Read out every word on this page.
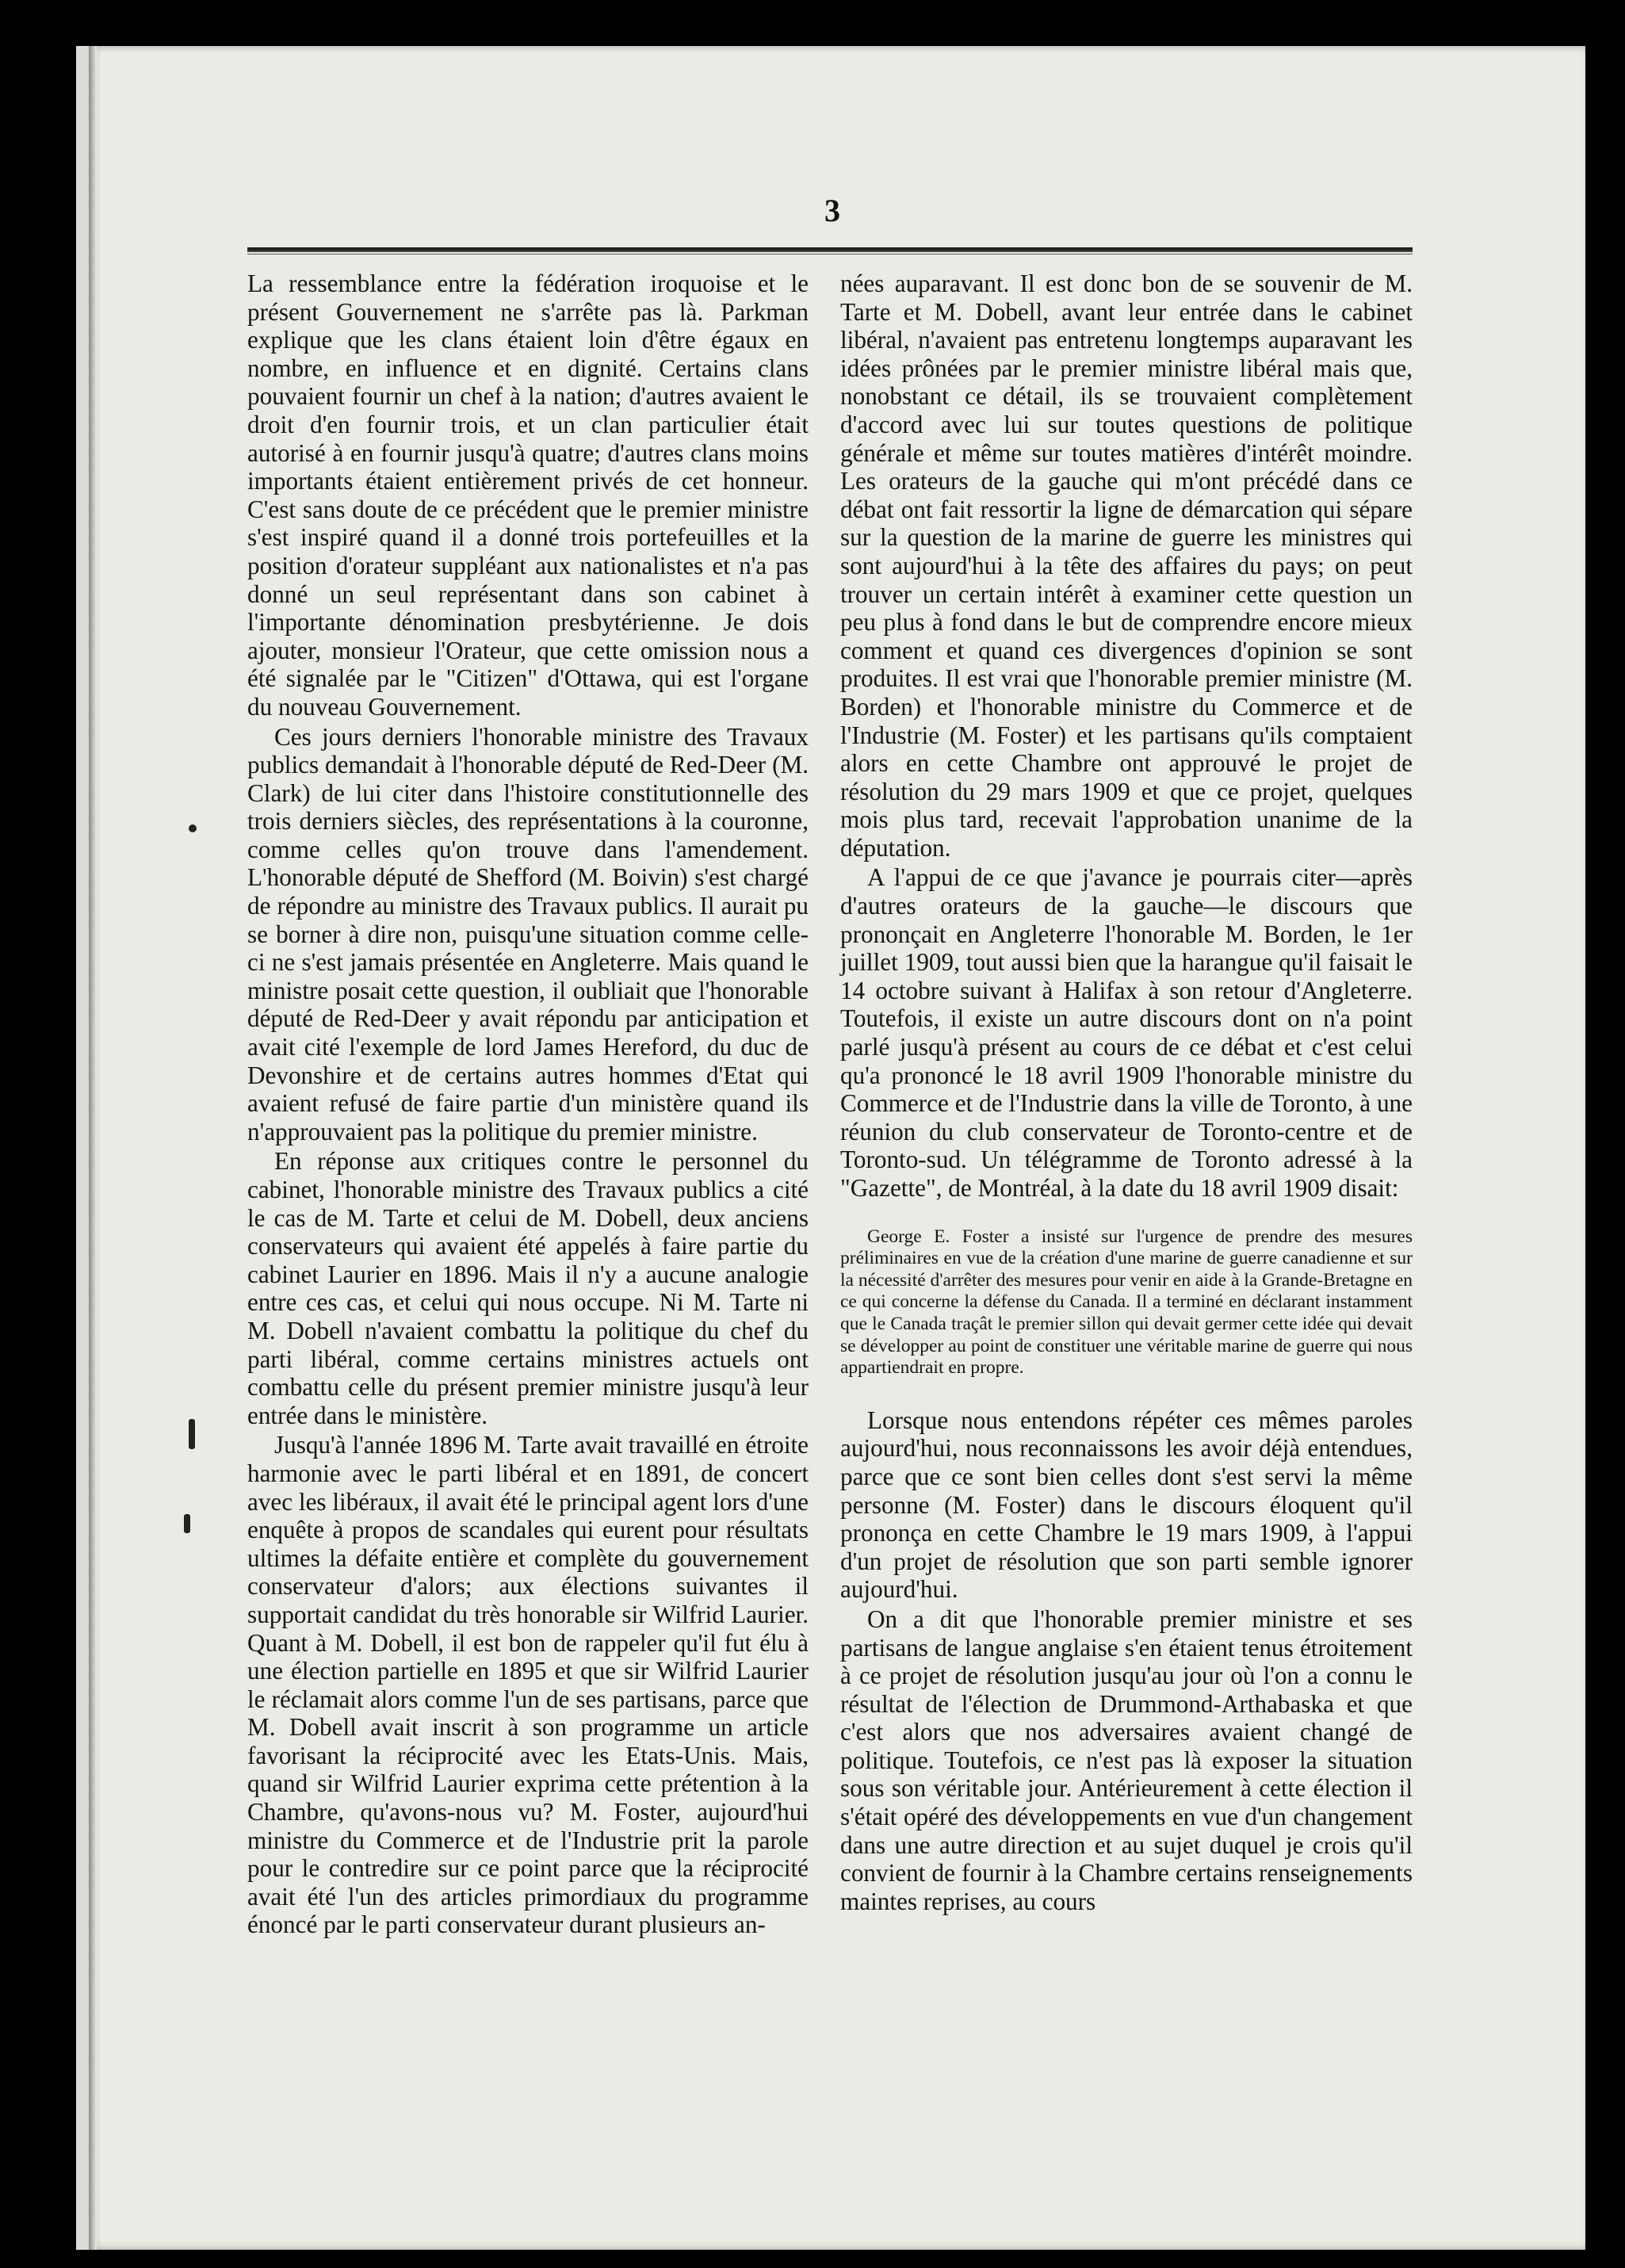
3

La ressemblance entre la fédération iroquoise et le présent Gouvernement ne s'arrête pas là. Parkman explique que les clans étaient loin d'être égaux en nombre, en influence et en dignité. Certains clans pouvaient fournir un chef à la nation; d'autres avaient le droit d'en fournir trois, et un clan particulier était autorisé à en fournir jusqu'à quatre; d'autres clans moins importants étaient entièrement privés de cet honneur. C'est sans doute de ce précédent que le premier ministre s'est inspiré quand il a donné trois portefeuilles et la position d'orateur suppléant aux nationalistes et n'a pas donné un seul représentant dans son cabinet à l'importante dénomination presbytérienne. Je dois ajouter, monsieur l'Orateur, que cette omission nous a été signalée par le "Citizen" d'Ottawa, qui est l'organe du nouveau Gouvernement.

Ces jours derniers l'honorable ministre des Travaux publics demandait à l'honorable député de Red-Deer (M. Clark) de lui citer dans l'histoire constitutionnelle des trois derniers siècles, des représentations à la couronne, comme celles qu'on trouve dans l'amendement. L'honorable député de Shefford (M. Boivin) s'est chargé de répondre au ministre des Travaux publics. Il aurait pu se borner à dire non, puisqu'une situation comme celle-ci ne s'est jamais présentée en Angleterre. Mais quand le ministre posait cette question, il oubliait que l'honorable député de Red-Deer y avait répondu par anticipation et avait cité l'exemple de lord James Hereford, du duc de Devonshire et de certains autres hommes d'Etat qui avaient refusé de faire partie d'un ministère quand ils n'approuvaient pas la politique du premier ministre.

En réponse aux critiques contre le personnel du cabinet, l'honorable ministre des Travaux publics a cité le cas de M. Tarte et celui de M. Dobell, deux anciens conservateurs qui avaient été appelés à faire partie du cabinet Laurier en 1896. Mais il n'y a aucune analogie entre ces cas, et celui qui nous occupe. Ni M. Tarte ni M. Dobell n'avaient combattu la politique du chef du parti libéral, comme certains ministres actuels ont combattu celle du présent premier ministre jusqu'à leur entrée dans le ministère.

Jusqu'à l'année 1896 M. Tarte avait travaillé en étroite harmonie avec le parti libéral et en 1891, de concert avec les libéraux, il avait été le principal agent lors d'une enquête à propos de scandales qui eurent pour résultats ultimes la défaite entière et complète du gouvernement conservateur d'alors; aux élections suivantes il supportait candidat du très honorable sir Wilfrid Laurier. Quant à M. Dobell, il est bon de rappeler qu'il fut élu à une élection partielle en 1895 et que sir Wilfrid Laurier le réclamait alors comme l'un de ses partisans, parce que M. Dobell avait inscrit à son programme un article favorisant la réciprocité avec les Etats-Unis. Mais, quand sir Wilfrid Laurier exprima cette prétention à la Chambre, qu'avons-nous vu? M. Foster, aujourd'hui ministre du Commerce et de l'Industrie prit la parole pour le contredire sur ce point parce que la réciprocité avait été l'un des articles primordiaux du programme énoncé par le parti conservateur durant plusieurs an-

nées auparavant. Il est donc bon de se souvenir de M. Tarte et M. Dobell, avant leur entrée dans le cabinet libéral, n'avaient pas entretenu longtemps auparavant les idées prônées par le premier ministre libéral mais que, nonobstant ce détail, ils se trouvaient complètement d'accord avec lui sur toutes questions de politique générale et même sur toutes matières d'intérêt moindre. Les orateurs de la gauche qui m'ont précédé dans ce débat ont fait ressortir la ligne de démarcation qui sépare sur la question de la marine de guerre les ministres qui sont aujourd'hui à la tête des affaires du pays; on peut trouver un certain intérêt à examiner cette question un peu plus à fond dans le but de comprendre encore mieux comment et quand ces divergences d'opinion se sont produites. Il est vrai que l'honorable premier ministre (M. Borden) et l'honorable ministre du Commerce et de l'Industrie (M. Foster) et les partisans qu'ils comptaient alors en cette Chambre ont approuvé le projet de résolution du 29 mars 1909 et que ce projet, quelques mois plus tard, recevait l'approbation unanime de la députation.

A l'appui de ce que j'avance je pourrais citer—après d'autres orateurs de la gauche—le discours que prononçait en Angleterre l'honorable M. Borden, le 1er juillet 1909, tout aussi bien que la harangue qu'il faisait le 14 octobre suivant à Halifax à son retour d'Angleterre. Toutefois, il existe un autre discours dont on n'a point parlé jusqu'à présent au cours de ce débat et c'est celui qu'a prononcé le 18 avril 1909 l'honorable ministre du Commerce et de l'Industrie dans la ville de Toronto, à une réunion du club conservateur de Toronto-centre et de Toronto-sud. Un télégramme de Toronto adressé à la "Gazette", de Montréal, à la date du 18 avril 1909 disait:

George E. Foster a insisté sur l'urgence de prendre des mesures préliminaires en vue de la création d'une marine de guerre canadienne et sur la nécessité d'arrêter des mesures pour venir en aide à la Grande-Bretagne en ce qui concerne la défense du Canada. Il a terminé en déclarant instamment que le Canada traçât le premier sillon qui devait germer cette idée qui devait se développer au point de constituer une véritable marine de guerre qui nous appartiendrait en propre.

Lorsque nous entendons répéter ces mêmes paroles aujourd'hui, nous reconnaissons les avoir déjà entendues, parce que ce sont bien celles dont s'est servi la même personne (M. Foster) dans le discours éloquent qu'il prononça en cette Chambre le 19 mars 1909, à l'appui d'un projet de résolution que son parti semble ignorer aujourd'hui.

On a dit que l'honorable premier ministre et ses partisans de langue anglaise s'en étaient tenus étroitement à ce projet de résolution jusqu'au jour où l'on a connu le résultat de l'élection de Drummond-Arthabaska et que c'est alors que nos adversaires avaient changé de politique. Toutefois, ce n'est pas là exposer la situation sous son véritable jour. Antérieurement à cette élection il s'était opéré des développements en vue d'un changement dans une autre direction et au sujet duquel je crois qu'il convient de fournir à la Chambre certains renseignements maintes reprises, au cours
